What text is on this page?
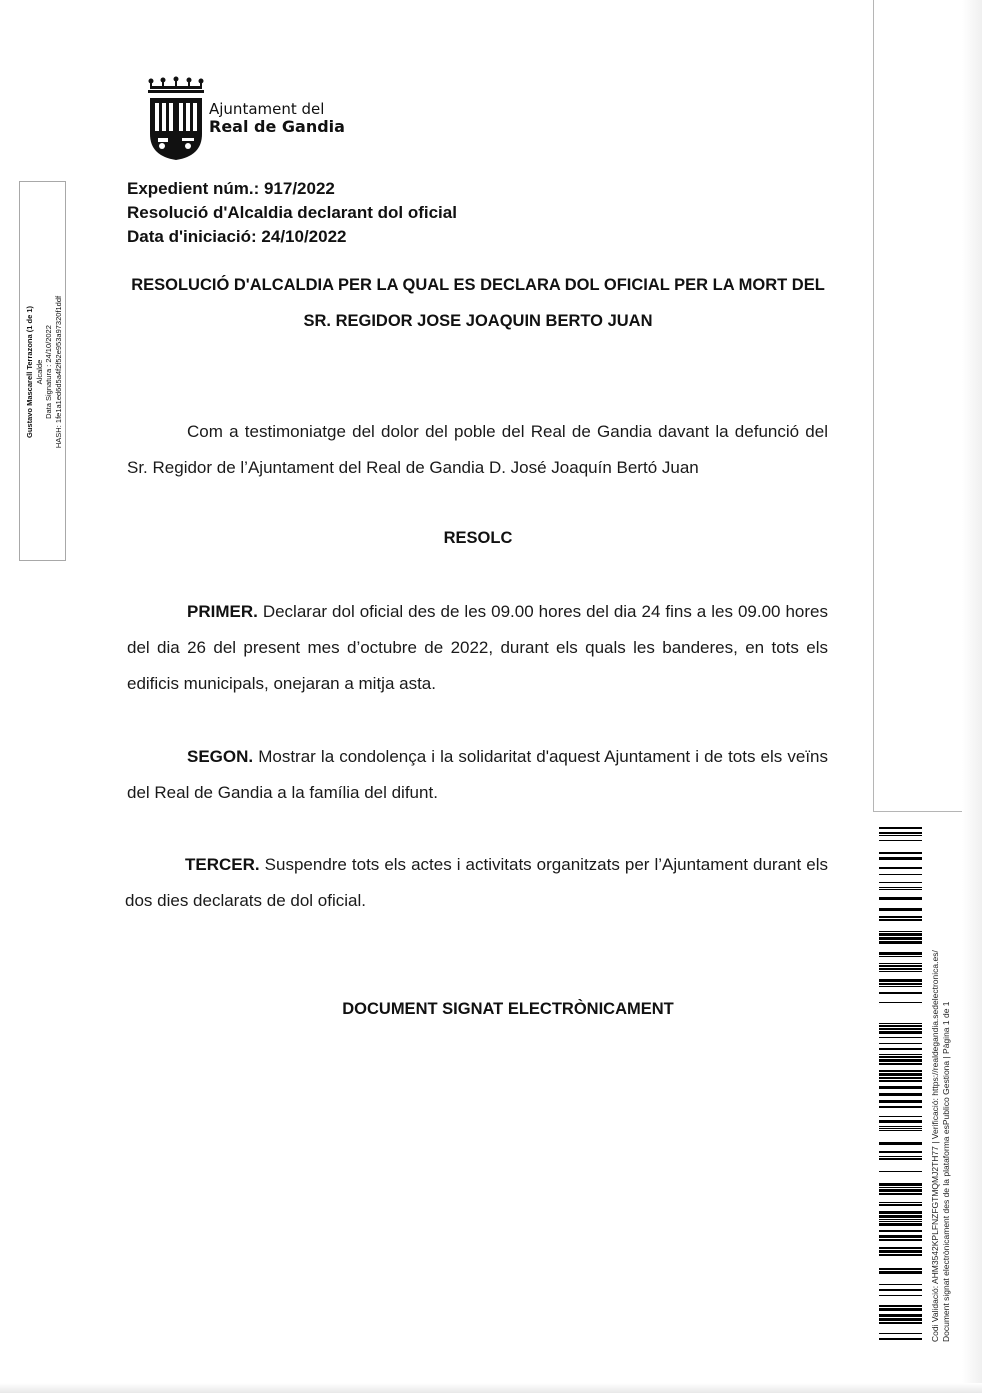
Ajuntament del
Real de Gandia
Expedient núm.: 917/2022
Resolució d'Alcaldia declarant dol oficial
Data d'iniciació: 24/10/2022
RESOLUCIÓ D'ALCALDIA PER LA QUAL ES DECLARA DOL OFICIAL PER LA MORT DEL
SR. REGIDOR JOSE JOAQUIN BERTO JUAN
Com a testimoniatge del dolor del poble del Real de Gandia davant la defunció del Sr. Regidor de l’Ajuntament del Real de Gandia D. José Joaquín Bertó Juan
RESOLC
PRIMER. Declarar dol oficial des de les 09.00 hores del dia 24 fins a les 09.00 hores del dia 26 del present mes d’octubre de 2022, durant els quals les banderes, en tots els edificis municipals, onejaran a mitja asta.
SEGON. Mostrar la condolença i la solidaritat d'aquest Ajuntament i de tots els veïns del Real de Gandia a la família del difunt.
TERCER. Suspendre tots els actes i activitats organitzats per l’Ajuntament durant els dos dies declarats de dol oficial.
DOCUMENT SIGNAT ELECTRÒNICAMENT
Gustavo Mascarell Terrazona (1 de 1) Alcalde Data Signatura : 24/10/2022 HASH: 1fe1a1ed6d5a4f2f52e953a97320f1ddf
Codi Validació: AHM3542KPLFNZFGTMQMJ2TH77 | Verificació: https://realdegandia.sedelectronica.es/ Document signat electrònicament des de la plataforma esPublico Gestiona | Pàgina 1 de 1
